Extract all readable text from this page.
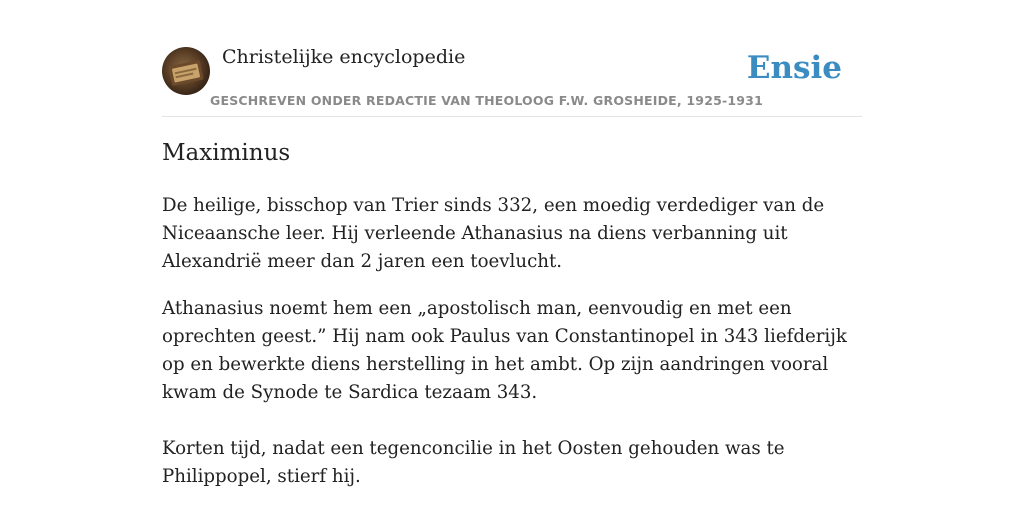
Christelijke encyclopedie
GESCHREVEN ONDER REDACTIE VAN THEOLOOG F.W. GROSHEIDE, 1925-1931
Ensie
Maximinus

De heilige, bisschop van Trier sinds 332, een moedig verdediger van de Niceaansche leer. Hij verleende Athanasius na diens verbanning uit Alexandrië meer dan 2 jaren een toevlucht.

Athanasius noemt hem een „apostolisch man, eenvoudig en met een oprechten geest.” Hij nam ook Paulus van Constantinopel in 343 liefderijk op en bewerkte diens herstelling in het ambt. Op zijn aandringen vooral kwam de Synode te Sardica tezaam 343.

Korten tijd, nadat een tegenconcilie in het Oosten gehouden was te Philippopel, stierf hij.
